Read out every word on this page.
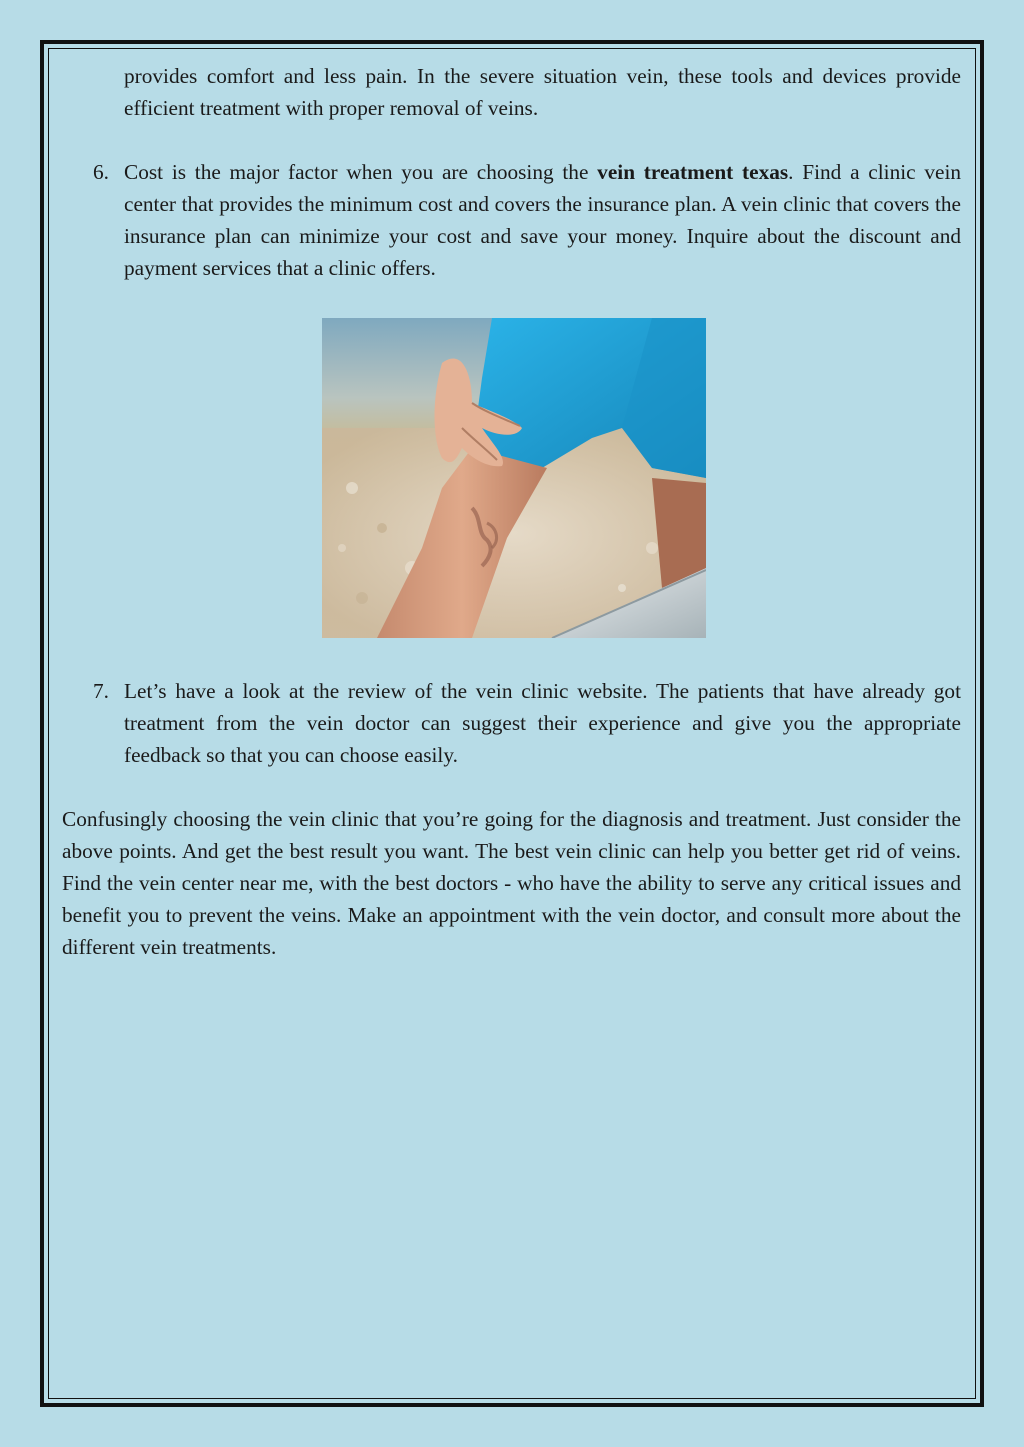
provides comfort and less pain. In the severe situation vein, these tools and devices provide efficient treatment with proper removal of veins.

6. Cost is the major factor when you are choosing the vein treatment texas. Find a clinic vein center that provides the minimum cost and covers the insurance plan. A vein clinic that covers the insurance plan can minimize your cost and save your money. Inquire about the discount and payment services that a clinic offers.

7. Let’s have a look at the review of the vein clinic website. The patients that have already got treatment from the vein doctor can suggest their experience and give you the appropriate feedback so that you can choose easily.

Confusingly choosing the vein clinic that you’re going for the diagnosis and treatment. Just consider the above points. And get the best result you want. The best vein clinic can help you better get rid of veins. Find the vein center near me, with the best doctors - who have the ability to serve any critical issues and benefit you to prevent the veins. Make an appointment with the vein doctor, and consult more about the different vein treatments.
